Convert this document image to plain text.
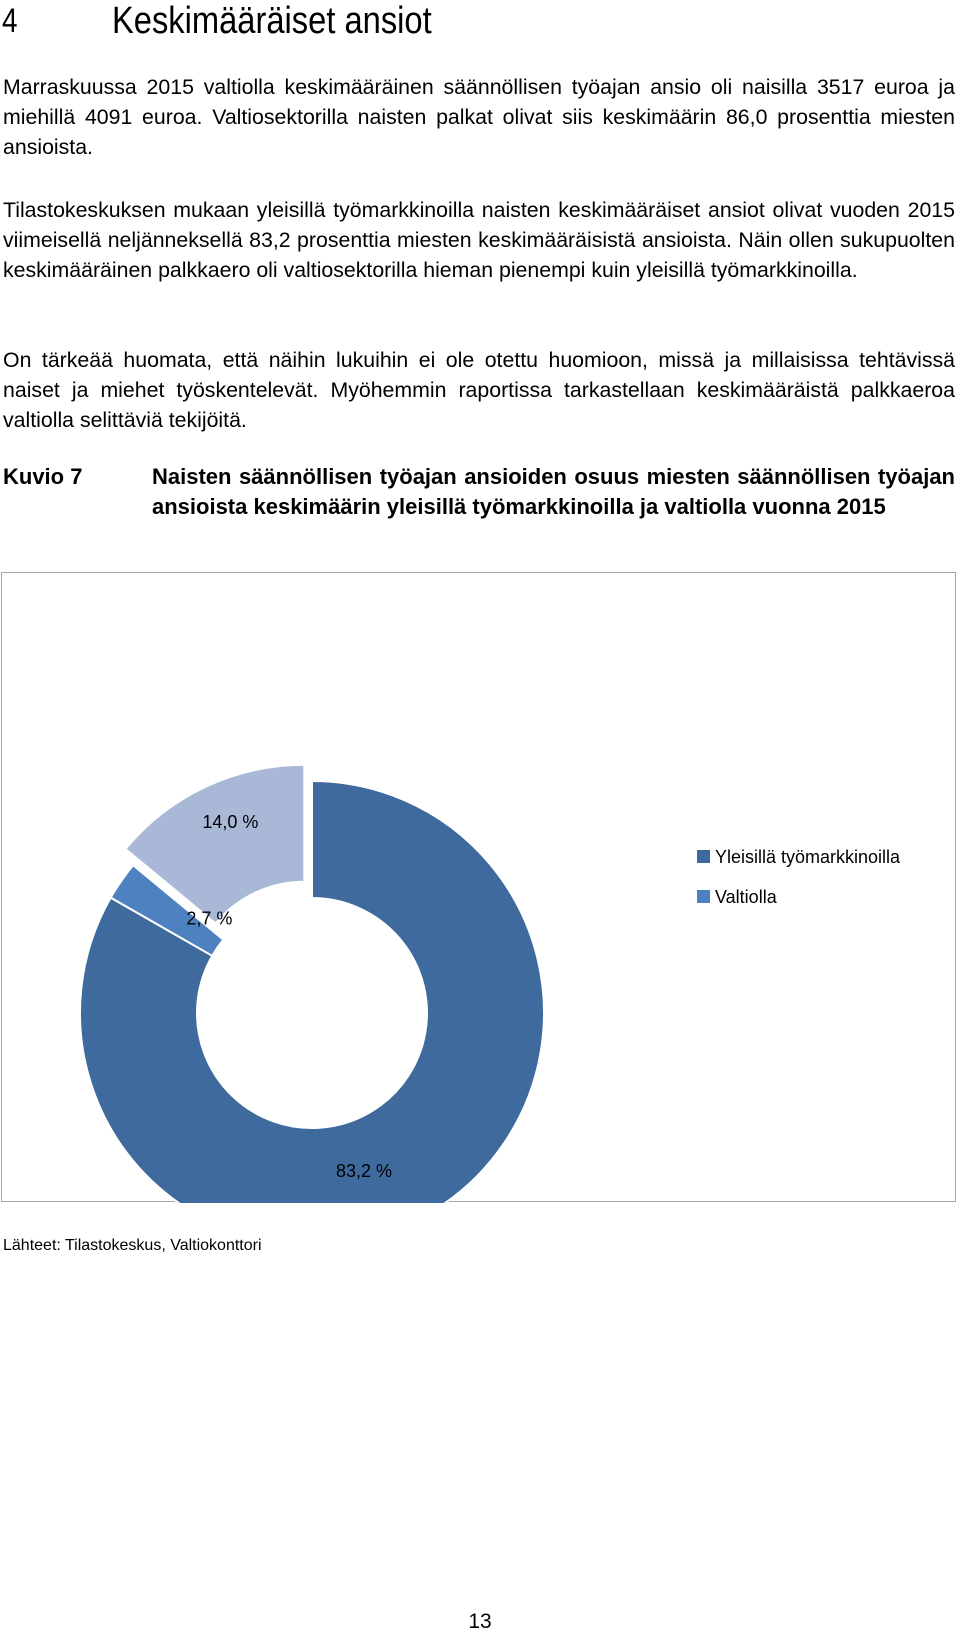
4 Keskimääräiset ansiot
Marraskuussa 2015 valtiolla keskimääräinen säännöllisen työajan ansio oli naisilla 3517 euroa ja miehillä 4091 euroa. Valtiosektorilla naisten palkat olivat siis keskimäärin 86,0 prosenttia miesten ansioista.
Tilastokeskuksen mukaan yleisillä työmarkkinoilla naisten keskimääräiset ansiot olivat vuoden 2015 viimeisellä neljänneksellä 83,2 prosenttia miesten keskimääräisistä ansioista. Näin ollen sukupuolten keskimääräinen palkkaero oli valtiosektorilla hieman pienempi kuin yleisillä työmarkkinoilla.
On tärkeää huomata, että näihin lukuihin ei ole otettu huomioon, missä ja millaisissa tehtävissä naiset ja miehet työskentelevät. Myöhemmin raportissa tarkastellaan keskimääräistä palkkaeroa valtiolla selittäviä tekijöitä.
Kuvio 7	Naisten säännöllisen työajan ansioiden osuus miesten säännöllisen työajan ansioista keskimäärin yleisillä työmarkkinoilla ja valtiolla vuonna 2015
83,2 %
2,7 %
14,0 %
Yleisillä työmarkkinoilla
Valtiolla
Lähteet: Tilastokeskus, Valtiokonttori
13
